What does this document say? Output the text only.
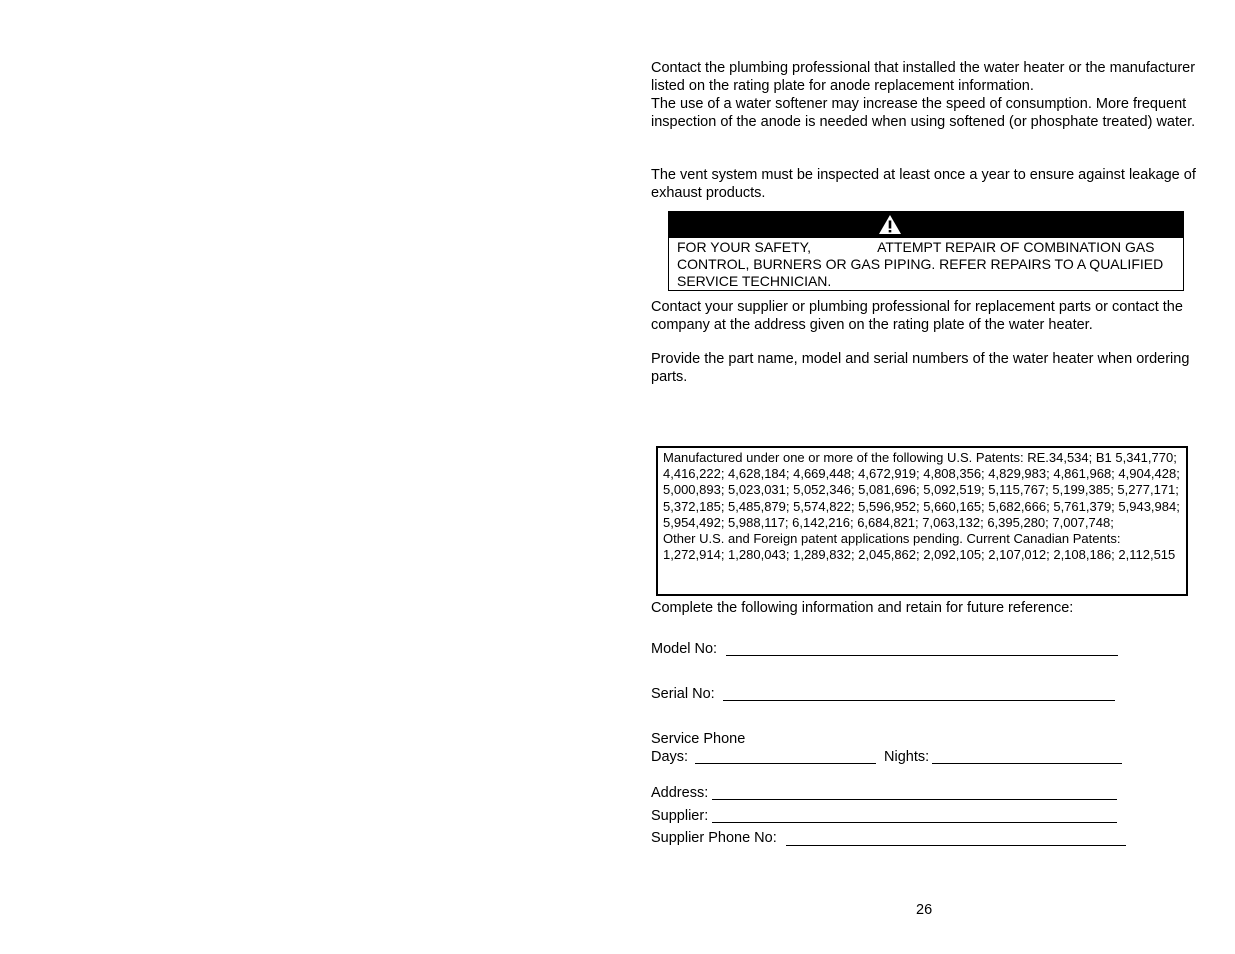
Contact the plumbing professional that installed the water heater or the manufacturer listed on the rating plate for anode replacement information.

The use of a water softener may increase the speed of consumption. More frequent inspection of the anode is needed when using softened (or phosphate treated) water.

The vent system must be inspected at least once a year to ensure against leakage of exhaust products.

FOR YOUR SAFETY,	ATTEMPT REPAIR OF COMBINATION GAS CONTROL, BURNERS OR GAS PIPING. REFER REPAIRS TO A QUALIFIED SERVICE TECHNICIAN.

Contact your supplier or plumbing professional for replacement parts or contact the company at the address given on the rating plate of the water heater.

Provide the part name, model and serial numbers of the water heater when ordering parts.

Manufactured under one or more of the following U.S. Patents: RE.34,534; B1 5,341,770; 4,416,222; 4,628,184; 4,669,448; 4,672,919; 4,808,356; 4,829,983; 4,861,968; 4,904,428; 5,000,893; 5,023,031; 5,052,346; 5,081,696; 5,092,519; 5,115,767; 5,199,385; 5,277,171; 5,372,185; 5,485,879; 5,574,822; 5,596,952; 5,660,165; 5,682,666; 5,761,379; 5,943,984; 5,954,492; 5,988,117; 6,142,216; 6,684,821; 7,063,132; 6,395,280; 7,007,748;

Other U.S. and Foreign patent applications pending. Current Canadian Patents: 1,272,914; 1,280,043; 1,289,832; 2,045,862; 2,092,105; 2,107,012; 2,108,186; 2,112,515

Complete the following information and retain for future reference:

Model No:
Serial No:
Service Phone
Days:	Nights:
Address:
Supplier:
Supplier Phone No:
26
